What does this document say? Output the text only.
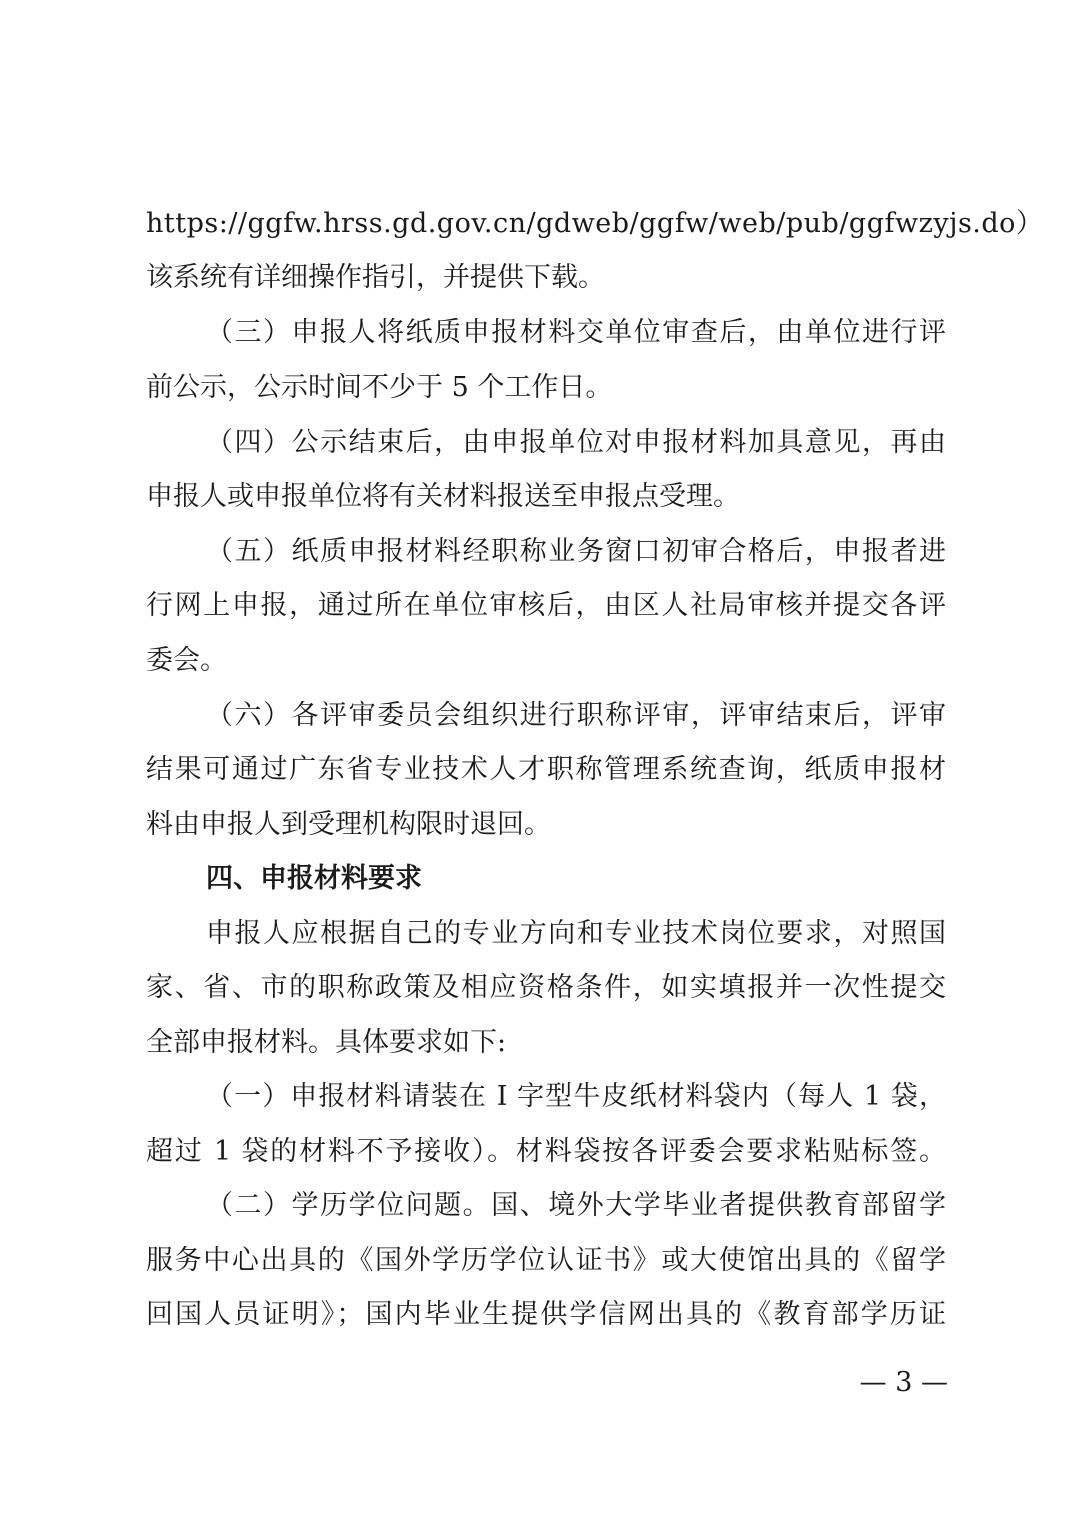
https://ggfw.hrss.gd.gov.cn/gdweb/ggfw/web/pub/ggfwzyjs.do）
该系统有详细操作指引，并提供下载。
（三）申报人将纸质申报材料交单位审查后，由单位进行评
前公示，公示时间不少于 5 个工作日。
（四）公示结束后，由申报单位对申报材料加具意见，再由
申报人或申报单位将有关材料报送至申报点受理。
（五）纸质申报材料经职称业务窗口初审合格后，申报者进
行网上申报，通过所在单位审核后，由区人社局审核并提交各评
委会。
（六）各评审委员会组织进行职称评审，评审结束后，评审
结果可通过广东省专业技术人才职称管理系统查询，纸质申报材
料由申报人到受理机构限时退回。
四、申报材料要求
申报人应根据自己的专业方向和专业技术岗位要求，对照国
家、省、市的职称政策及相应资格条件，如实填报并一次性提交
全部申报材料。具体要求如下:
（一）申报材料请装在 I 字型牛皮纸材料袋内（每人 1 袋，
超过 1 袋的材料不予接收）。材料袋按各评委会要求粘贴标签。
（二）学历学位问题。国、境外大学毕业者提供教育部留学
服务中心出具的《国外学历学位认证书》或大使馆出具的《留学
回国人员证明》；国内毕业生提供学信网出具的《教育部学历证
— 3 —
